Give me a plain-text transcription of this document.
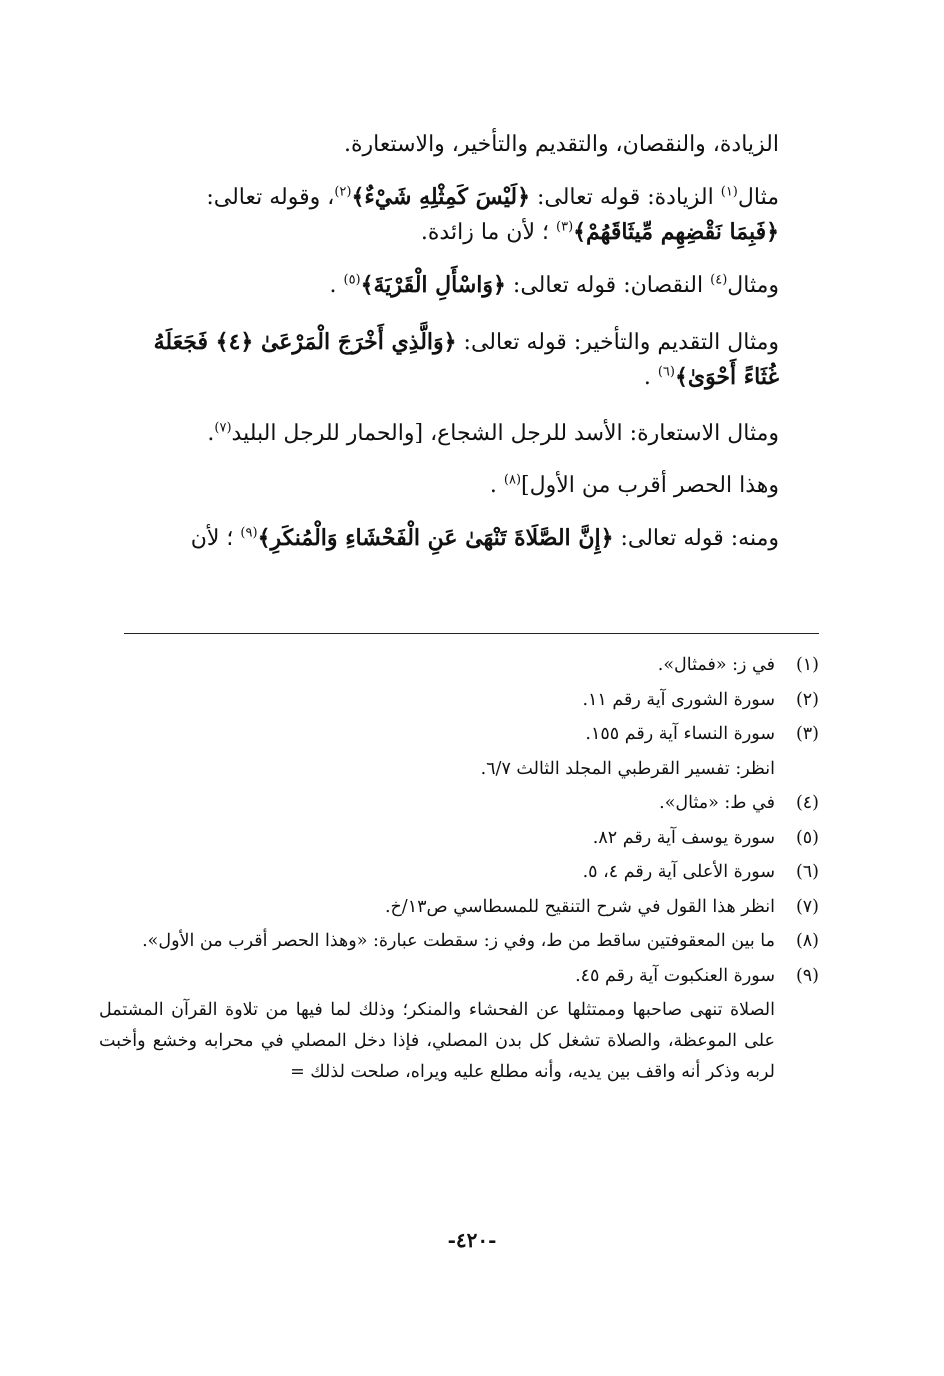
الزيادة، والنقصان، والتقديم والتأخير، والاستعارة.

مثال$^{(١)}$ الزيادة: قوله تعالى: ﴿لَيْسَ كَمِثْلِهِ شَيْءٌ﴾$^{(٢)}$، وقوله تعالى:

﴿فَبِمَا نَقْضِهِم مِّيثَاقَهُمْ﴾$^{(٣)}$ ؛ لأن ما زائدة.

ومثال$^{(٤)}$ النقصان: قوله تعالى: ﴿وَاسْأَلِ الْقَرْيَةَ﴾$^{(٥)}$ .

ومثال التقديم والتأخير: قوله تعالى: ﴿وَالَّذِي أَخْرَجَ الْمَرْعَىٰ ﴿٤﴾ فَجَعَلَهُ

غُثَاءً أَحْوَىٰ﴾$^{(٦)}$ .

ومثال الاستعارة: الأسد للرجل الشجاع، [والحمار للرجل البليد$^{(٧)}$.

وهذا الحصر أقرب من الأول]$^{(٨)}$ .

ومنه: قوله تعالى: ﴿إِنَّ الصَّلَاةَ تَنْهَىٰ عَنِ الْفَحْشَاءِ وَالْمُنكَرِ﴾$^{(٩)}$ ؛ لأن

(١)
في ز: «فمثال».
(٢)
سورة الشورى آية رقم ١١.
(٣)
سورة النساء آية رقم ١٥٥.
انظر: تفسير القرطبي المجلد الثالث ٦/٧.
(٤)
في ط: «مثال».
(٥)
سورة يوسف آية رقم ٨٢.
(٦)
سورة الأعلى آية رقم ٤، ٥.
(٧)
انظر هذا القول في شرح التنقيح للمسطاسي ص١٣/خ.
(٨)
ما بين المعقوفتين ساقط من ط، وفي ز: سقطت عبارة: «وهذا الحصر أقرب من الأول».
(٩)
سورة العنكبوت آية رقم ٤٥.
الصلاة تنهى صاحبها وممتثلها عن الفحشاء والمنكر؛ وذلك لما فيها من تلاوة القرآن المشتمل على الموعظة، والصلاة تشغل كل بدن المصلي، فإذا دخل المصلي في محرابه وخشع وأخبت لربه وذكر أنه واقف بين يديه، وأنه مطلع عليه ويراه، صلحت لذلك =
-٤٢٠-
